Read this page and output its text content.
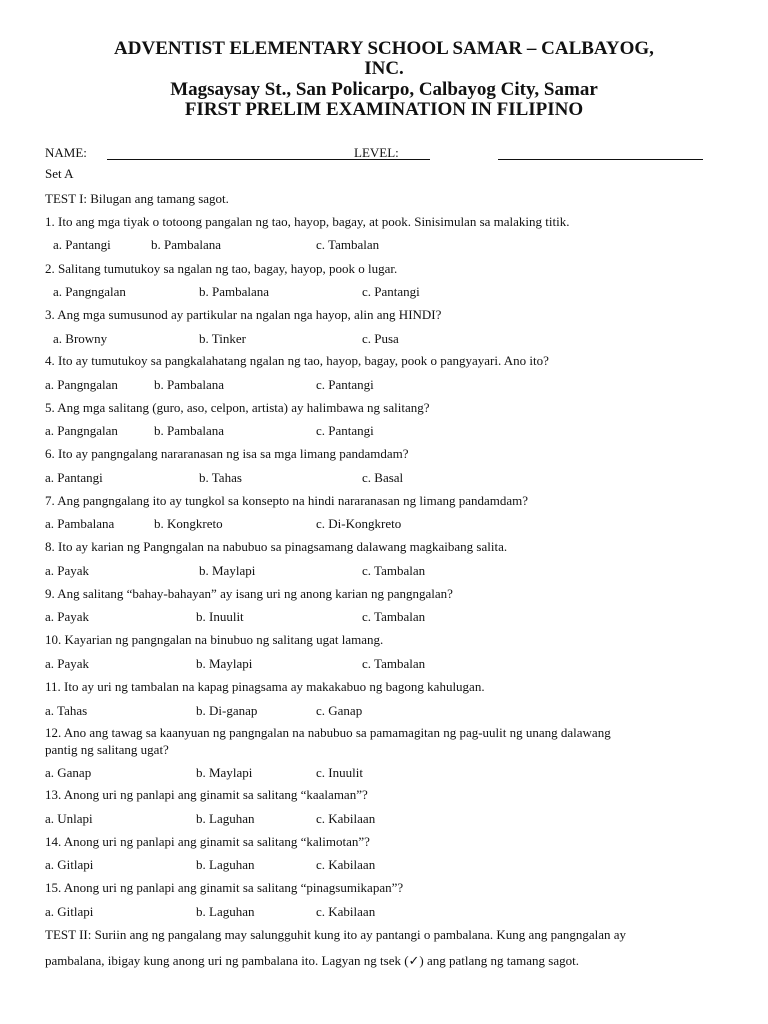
ADVENTIST ELEMENTARY SCHOOL SAMAR – CALBAYOG,
INC.
Magsaysay St., San Policarpo, Calbayog City, Samar
FIRST PRELIM EXAMINATION IN FILIPINO
NAME:	LEVEL:
Set A
TEST I: Bilugan ang tamang sagot.
1. Ito ang mga tiyak o totoong pangalan ng tao, hayop, bagay, at pook. Sinisimulan sa malaking titik.
a. Pantangi	b. Pambalana	c. Tambalan
2. Salitang tumutukoy sa ngalan ng tao, bagay, hayop, pook o lugar.
a. Pangngalan	b. Pambalana	c. Pantangi
3. Ang mga sumusunod ay partikular na ngalan nga hayop, alin ang HINDI?
a. Browny	b. Tinker	c. Pusa
4. Ito ay tumutukoy sa pangkalahatang ngalan ng tao, hayop, bagay, pook o pangyayari. Ano ito?
a. Pangngalan	b. Pambalana	c. Pantangi
5. Ang mga salitang (guro, aso, celpon, artista) ay halimbawa ng salitang?
a. Pangngalan	b. Pambalana	c. Pantangi
6. Ito ay pangngalang nararanasan ng isa sa mga limang pandamdam?
a. Pantangi	b. Tahas	c. Basal
7. Ang pangngalang ito ay tungkol sa konsepto na hindi nararanasan ng limang pandamdam?
a. Pambalana	b. Kongkreto	c. Di-Kongkreto
8. Ito ay karian ng Pangngalan na nabubuo sa pinagsamang dalawang magkaibang salita.
a. Payak	b. Maylapi	c. Tambalan
9. Ang salitang “bahay-bahayan” ay isang uri ng anong karian ng pangngalan?
a. Payak	b. Inuulit	c. Tambalan
10. Kayarian ng pangngalan na binubuo ng salitang ugat lamang.
a. Payak	b. Maylapi	c. Tambalan
11. Ito ay uri ng tambalan na kapag pinagsama ay makakabuo ng bagong kahulugan.
a. Tahas	b. Di-ganap	c. Ganap
12. Ano ang tawag sa kaanyuan ng pangngalan na nabubuo sa pamamagitan ng pag-uulit ng unang dalawang
pantig ng salitang ugat?
a. Ganap	b. Maylapi	c. Inuulit
13. Anong uri ng panlapi ang ginamit sa salitang “kaalaman”?
a. Unlapi	b. Laguhan	c. Kabilaan
14. Anong uri ng panlapi ang ginamit sa salitang “kalimotan”?
a. Gitlapi	b. Laguhan	c. Kabilaan
15. Anong uri ng panlapi ang ginamit sa salitang “pinagsumikapan”?
a. Gitlapi	b. Laguhan	c. Kabilaan
TEST II: Suriin ang ng pangalang may salungguhit kung ito ay pantangi o pambalana. Kung ang pangngalan ay
pambalana, ibigay kung anong uri ng pambalana ito. Lagyan ng tsek (✓) ang patlang ng tamang sagot.
